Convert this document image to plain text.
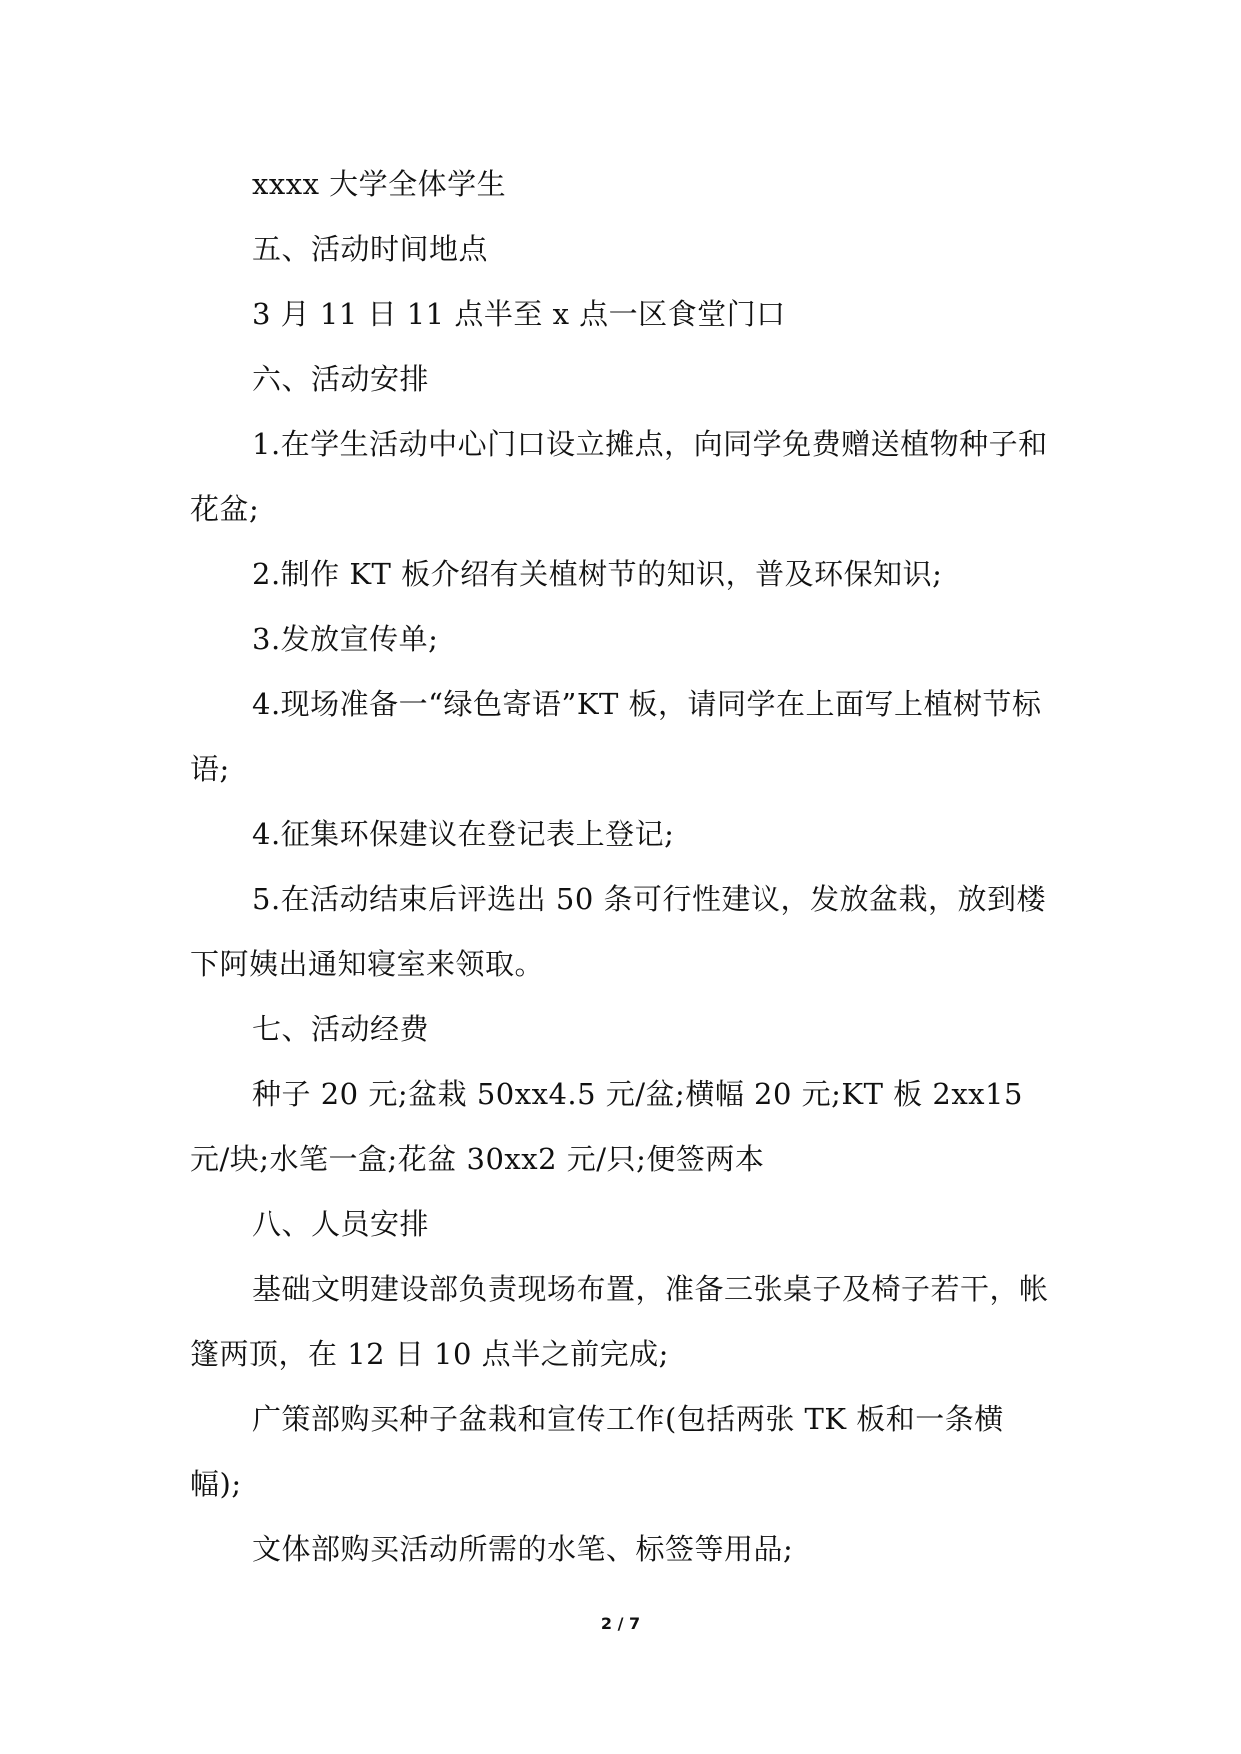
xxxx 大学全体学生

五、活动时间地点

3 月 11 日 11 点半至 x 点一区食堂门口

六、活动安排

1.在学生活动中心门口设立摊点，向同学免费赠送植物种子和花盆;

2.制作 KT 板介绍有关植树节的知识，普及环保知识;

3.发放宣传单;

4.现场准备一“绿色寄语”KT 板，请同学在上面写上植树节标语;

4.征集环保建议在登记表上登记;

5.在活动结束后评选出 50 条可行性建议，发放盆栽，放到楼下阿姨出通知寝室来领取。

七、活动经费

种子 20 元;盆栽 50xx4.5 元/盆;横幅 20 元;KT 板 2xx15 元/块;水笔一盒;花盆 30xx2 元/只;便签两本

八、人员安排

基础文明建设部负责现场布置，准备三张桌子及椅子若干，帐篷两顶，在 12 日 10 点半之前完成;

广策部购买种子盆栽和宣传工作(包括两张 TK 板和一条横幅);

文体部购买活动所需的水笔、标签等用品;

2 / 7
